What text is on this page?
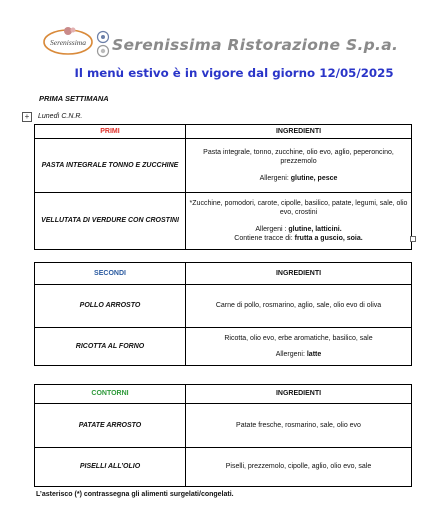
Serenissima Serenissima Ristorazione S.p.a.
Il menù estivo è in vigore dal giorno 12/05/2025
PRIMA SETTIMANA
+	Lunedì C.N.R.
PRIMI	INGREDIENTI
PASTA INTEGRALE TONNO E ZUCCHINE	Pasta integrale, tonno, zucchine, olio evo, aglio, peperoncino, prezzemolo
Allergeni: glutine, pesce
VELLUTATA DI VERDURE CON CROSTINI	*Zucchine, pomodori, carote, cipolle, basilico, patate, legumi, sale, olio evo, crostini
Allergeni : glutine, latticini.
Contiene tracce di: frutta a guscio, soia.
SECONDI	INGREDIENTI
POLLO ARROSTO	Carne di pollo, rosmarino, aglio, sale, olio evo di oliva
RICOTTA AL FORNO	Ricotta, olio evo, erbe aromatiche, basilico, sale
Allergeni: latte
CONTORNI	INGREDIENTI
PATATE ARROSTO	Patate fresche, rosmarino, sale, olio evo
PISELLI ALL’OLIO	Piselli, prezzemolo, cipolle, aglio, olio evo, sale
L’asterisco (*) contrassegna gli alimenti surgelati/congelati.
